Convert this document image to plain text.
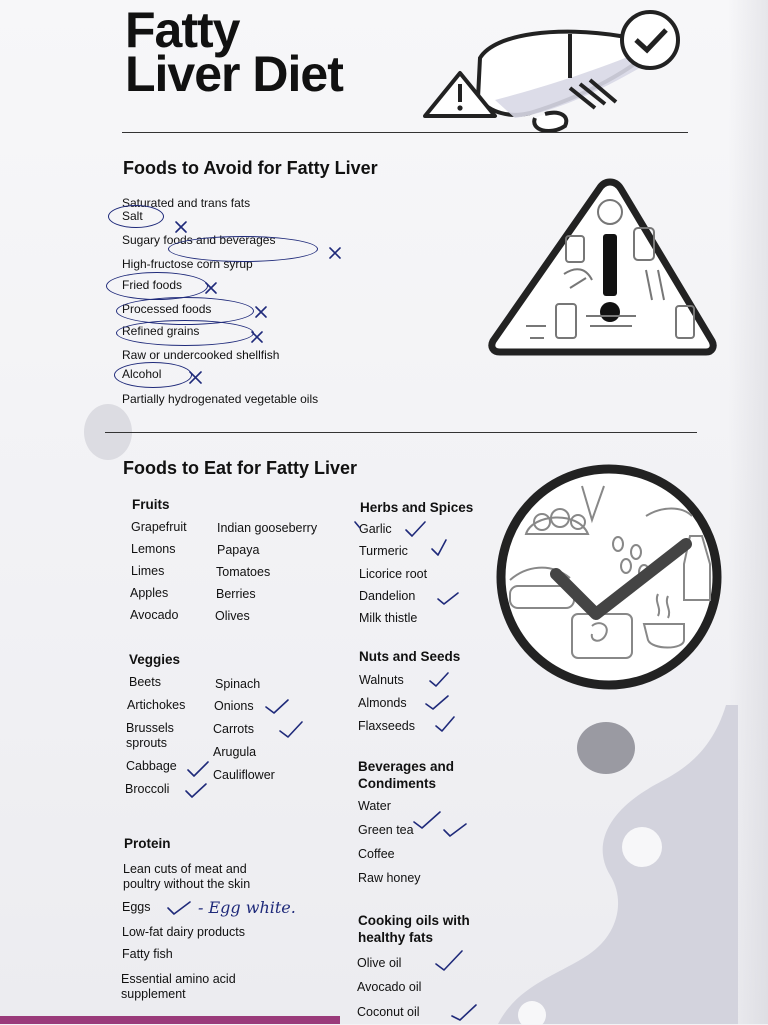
Fatty
Liver Diet
Foods to Avoid for Fatty Liver
Saturated and trans fats
Salt
Sugary foods and beverages
High-fructose corn syrup
Fried foods
Processed foods
Refined grains
Raw or undercooked shellfish
Alcohol
Partially hydrogenated vegetable oils
Foods to Eat for Fatty Liver
Fruits
Grapefruit
Lemons
Limes
Apples
Avocado
Indian gooseberry
Papaya
Tomatoes
Berries
Olives
Veggies
Beets
Artichokes
Brussels sprouts
Cabbage
Broccoli
Spinach
Onions
Carrots
Arugula
Cauliflower
Protein
Lean cuts of meat and poultry without the skin
Eggs
Low-fat dairy products
Fatty fish
Essential amino acid supplement
- Egg white.
Herbs and Spices
Garlic
Turmeric
Licorice root
Dandelion
Milk thistle
Nuts and Seeds
Walnuts
Almonds
Flaxseeds
Beverages and Condiments
Water
Green tea
Coffee
Raw honey
Cooking oils with healthy fats
Olive oil
Avocado oil
Coconut oil
